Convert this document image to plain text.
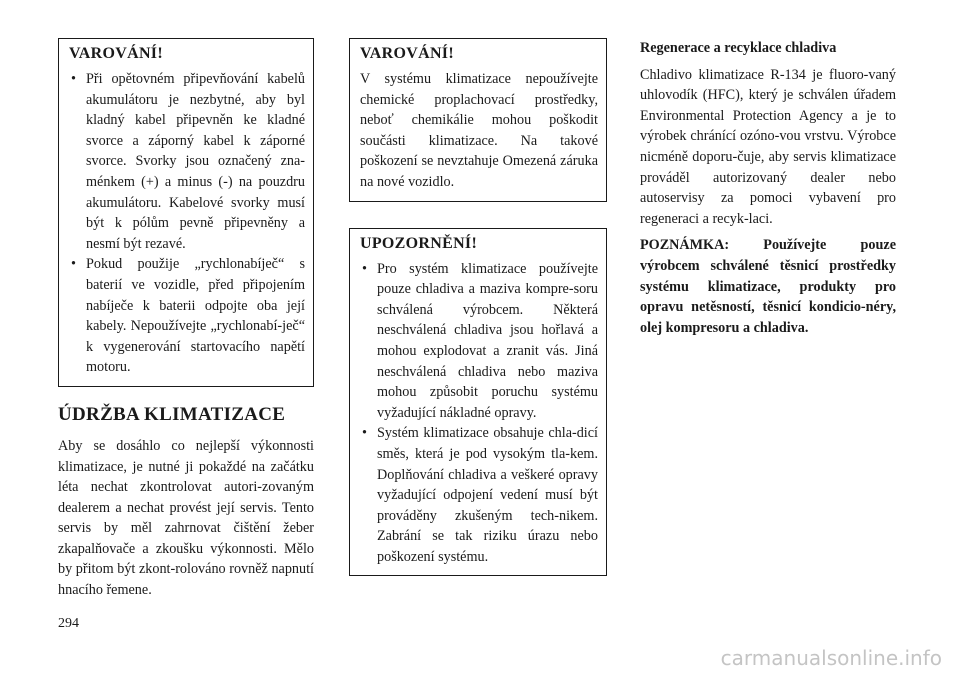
VAROVÁNÍ!
• Při opětovném připevňování kabelů akumulátoru je nezbytné, aby byl kladný kabel připevněn ke kladné svorce a záporný kabel k záporné svorce. Svorky jsou označený zna-ménkem (+) a minus (-) na pouzdru akumulátoru. Kabelové svorky musí být k pólům pevně připevněny a nesmí být rezavé.
• Pokud použije „rychlonabíječ“ s baterií ve vozidle, před připojením nabíječe k baterii odpojte oba její kabely. Nepoužívejte „rychlonabí-ječ“ k vygenerování startovacího napětí motoru.
ÚDRŽBA KLIMATIZACE

Aby se dosáhlo co nejlepší výkonnosti klimatizace, je nutné ji pokaždé na začátku léta nechat zkontrolovat autori-zovaným dealerem a nechat provést její servis. Tento servis by měl zahrnovat čištění žeber zkapalňovače a zkoušku výkonnosti. Mělo by přitom být zkont-rolováno rovněž napnutí hnacího řemene.

VAROVÁNÍ!

V systému klimatizace nepoužívejte chemické proplachovací prostředky, neboť chemikálie mohou poškodit součásti klimatizace. Na takové poškození se nevztahuje Omezená záruka na nové vozidlo.

UPOZORNĚNÍ!
• Pro systém klimatizace používejte pouze chladiva a maziva kompre-soru schválená výrobcem. Některá neschválená chladiva jsou hořlavá a mohou explodovat a zranit vás. Jiná neschválená chladiva nebo maziva mohou způsobit poruchu systému vyžadující nákladné opravy.
• Systém klimatizace obsahuje chla-dicí směs, která je pod vysokým tla-kem. Doplňování chladiva a veškeré opravy vyžadující odpojení vedení musí být prováděny zkušeným tech-nikem. Zabrání se tak riziku úrazu nebo poškození systému.
Regenerace a recyklace chladiva

Chladivo klimatizace R-134 je fluoro-vaný uhlovodík (HFC), který je schválen úřadem Environmental Protection Agency a je to výrobek chránící ozóno-vou vrstvu. Výrobce nicméně doporu-čuje, aby servis klimatizace prováděl autorizovaný dealer nebo autoservisy za pomoci vybavení pro regeneraci a recyk-laci.

POZNÁMKA: Používejte pouze výrobcem schválené těsnicí prostředky systému klimatizace, produkty pro opravu netěsností, těsnicí kondicio-néry, olej kompresoru a chladiva.

294
carmanualsonline.info
